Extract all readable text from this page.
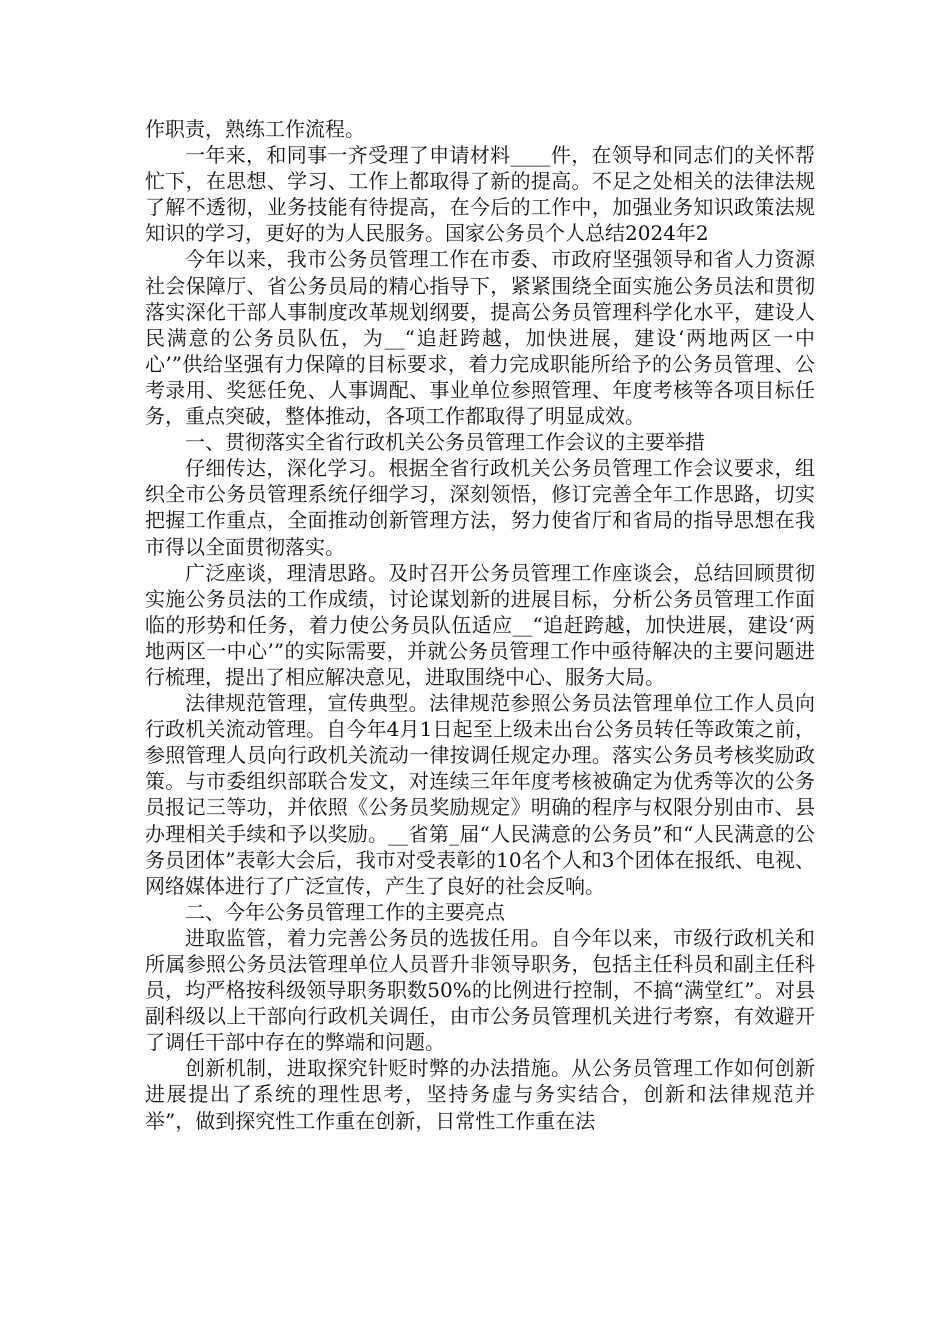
作职责，熟练工作流程。

一年来，和同事一齐受理了申请材料____件，在领导和同志们的关怀帮忙下，在思想、学习、工作上都取得了新的提高。不足之处相关的法律法规了解不透彻，业务技能有待提高，在今后的工作中，加强业务知识政策法规知识的学习，更好的为人民服务。国家公务员个人总结2024年2

今年以来，我市公务员管理工作在市委、市政府坚强领导和省人力资源社会保障厅、省公务员局的精心指导下，紧紧围绕全面实施公务员法和贯彻落实深化干部人事制度改革规划纲要，提高公务员管理科学化水平，建设人民满意的公务员队伍，为__“追赶跨越，加快进展，建设‘两地两区一中心’”供给坚强有力保障的目标要求，着力完成职能所给予的公务员管理、公考录用、奖惩任免、人事调配、事业单位参照管理、年度考核等各项目标任务，重点突破，整体推动，各项工作都取得了明显成效。

一、贯彻落实全省行政机关公务员管理工作会议的主要举措

仔细传达，深化学习。根据全省行政机关公务员管理工作会议要求，组织全市公务员管理系统仔细学习，深刻领悟，修订完善全年工作思路，切实把握工作重点，全面推动创新管理方法，努力使省厅和省局的指导思想在我市得以全面贯彻落实。

广泛座谈，理清思路。及时召开公务员管理工作座谈会，总结回顾贯彻实施公务员法的工作成绩，讨论谋划新的进展目标，分析公务员管理工作面临的形势和任务，着力使公务员队伍适应__“追赶跨越，加快进展，建设‘两地两区一中心’”的实际需要，并就公务员管理工作中亟待解决的主要问题进行梳理，提出了相应解决意见，进取围绕中心、服务大局。

法律规范管理，宣传典型。法律规范参照公务员法管理单位工作人员向行政机关流动管理。自今年4月1日起至上级未出台公务员转任等政策之前，参照管理人员向行政机关流动一律按调任规定办理。落实公务员考核奖励政策。与市委组织部联合发文，对连续三年年度考核被确定为优秀等次的公务员报记三等功，并依照《公务员奖励规定》明确的程序与权限分别由市、县办理相关手续和予以奖励。__省第_届“人民满意的公务员”和“人民满意的公务员团体”表彰大会后，我市对受表彰的10名个人和3个团体在报纸、电视、网络媒体进行了广泛宣传，产生了良好的社会反响。

二、今年公务员管理工作的主要亮点

进取监管，着力完善公务员的选拔任用。自今年以来，市级行政机关和所属参照公务员法管理单位人员晋升非领导职务，包括主任科员和副主任科员，均严格按科级领导职务职数50%的比例进行控制，不搞“满堂红”。对县副科级以上干部向行政机关调任，由市公务员管理机关进行考察，有效避开了调任干部中存在的弊端和问题。

创新机制，进取探究针贬时弊的办法措施。从公务员管理工作如何创新进展提出了系统的理性思考，坚持务虚与务实结合，创新和法律规范并举”，做到探究性工作重在创新，日常性工作重在法
